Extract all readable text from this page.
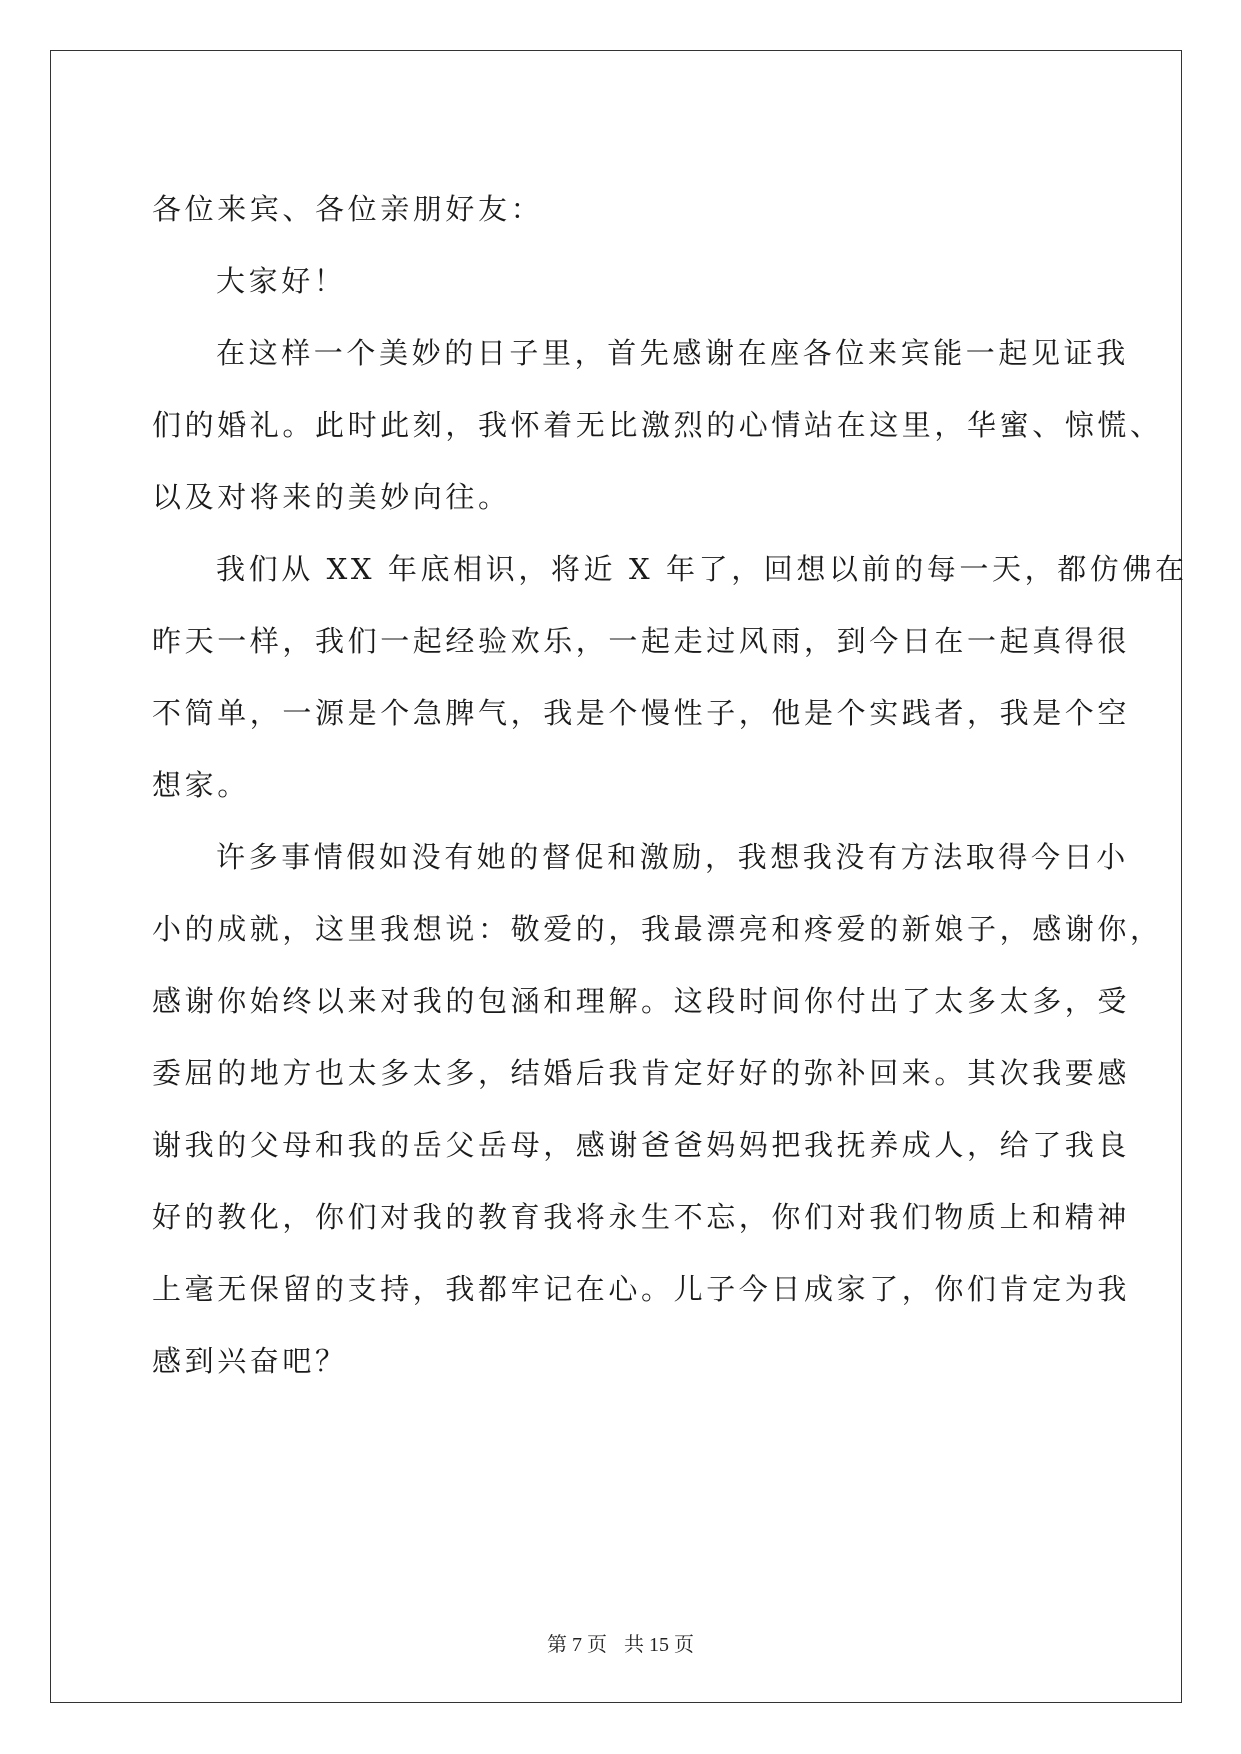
各位来宾、各位亲朋好友：

大家好！

在这样一个美妙的日子里，首先感谢在座各位来宾能一起见证我
们的婚礼。此时此刻，我怀着无比激烈的心情站在这里，华蜜、惊慌、
以及对将来的美妙向往。
我们从 XX 年底相识，将近 X 年了，回想以前的每一天，都仿佛在
昨天一样，我们一起经验欢乐，一起走过风雨，到今日在一起真得很
不简单，一源是个急脾气，我是个慢性子，他是个实践者，我是个空
想家。
许多事情假如没有她的督促和激励，我想我没有方法取得今日小
小的成就，这里我想说：敬爱的，我最漂亮和疼爱的新娘子，感谢你，
感谢你始终以来对我的包涵和理解。这段时间你付出了太多太多，受
委屈的地方也太多太多，结婚后我肯定好好的弥补回来。其次我要感
谢我的父母和我的岳父岳母，感谢爸爸妈妈把我抚养成人，给了我良
好的教化，你们对我的教育我将永生不忘，你们对我们物质上和精神
上毫无保留的支持，我都牢记在心。儿子今日成家了，你们肯定为我
感到兴奋吧？
第 7 页 共 15 页
